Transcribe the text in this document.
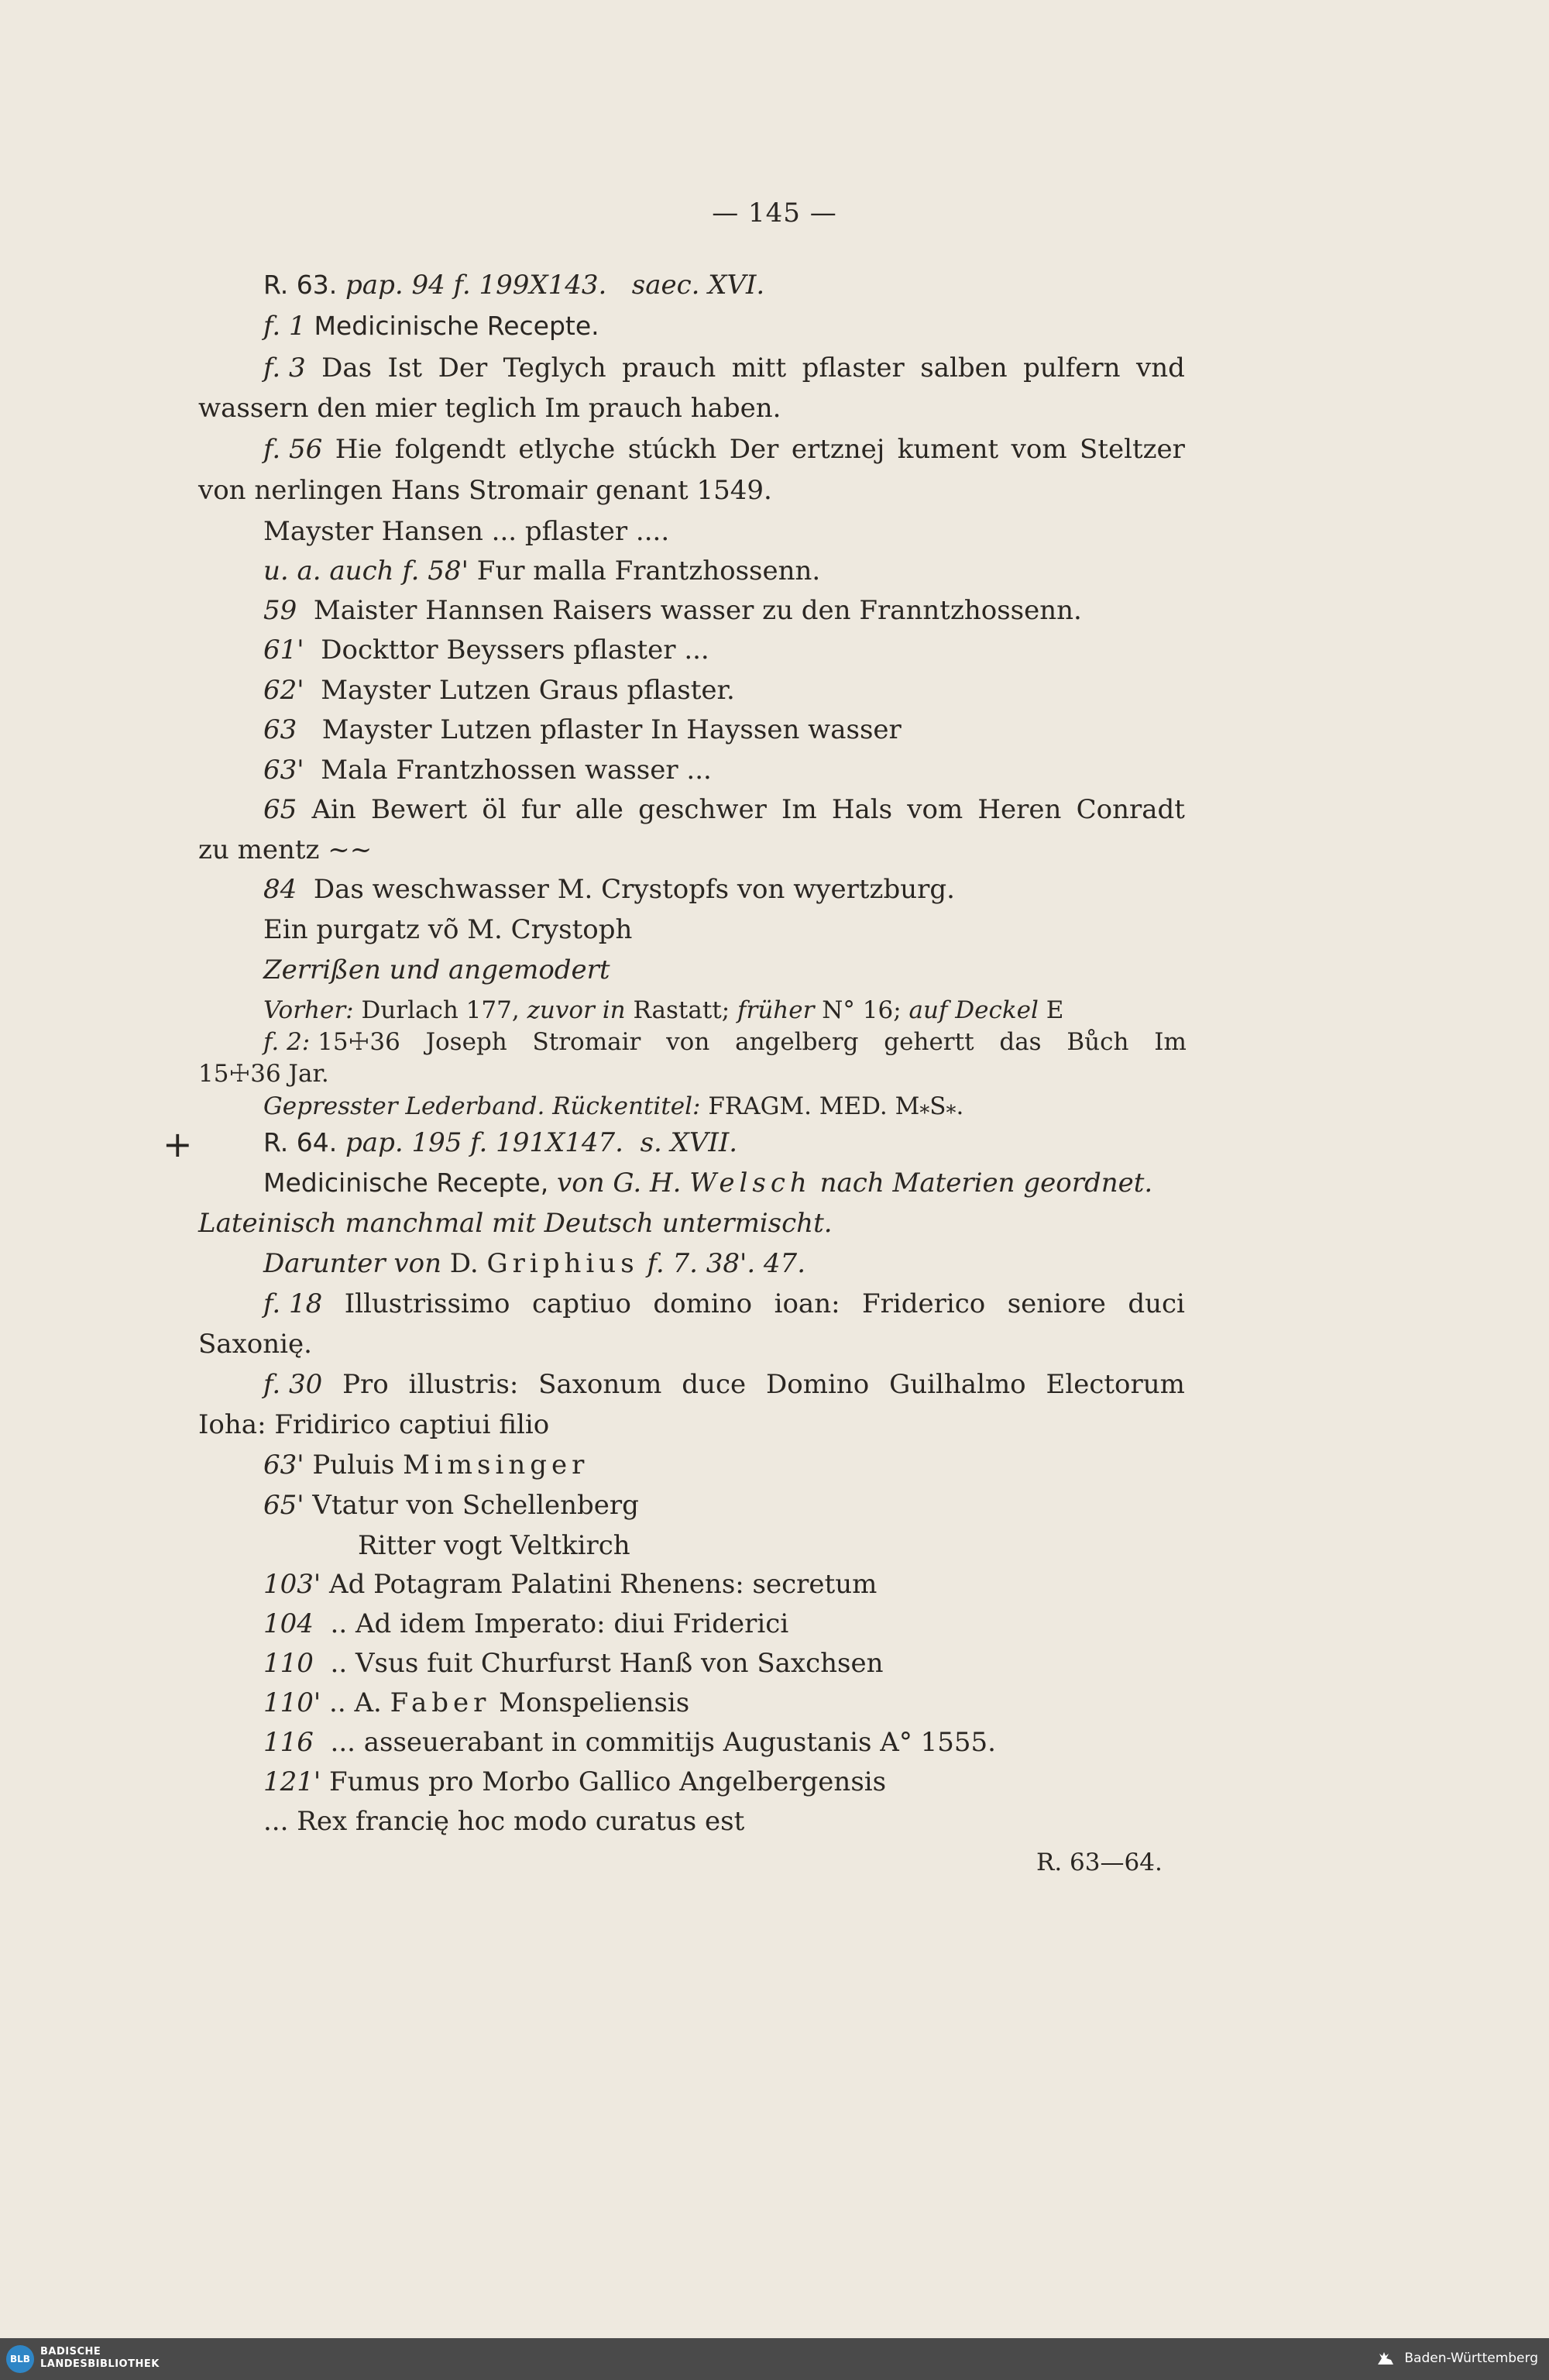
— 145 —
R. 63. pap. 94 f. 199X143. saec. XVI.
f. 1 Medicinische Recepte.
f. 3 Das Ist Der Teglych prauch mitt pflaster salben pulfern vnd
wassern den mier teglich Im prauch haben.
f. 56 Hie folgendt etlyche stúckh Der ertznej kument vom Steltzer
von nerlingen Hans Stromair genant 1549.
Mayster Hansen ... pflaster ....
u. a. auch f. 58' Fur malla Frantzhossenn.
59  Maister Hannsen Raisers wasser zu den Franntzhossenn.
61'  Dockttor Beyssers pflaster ...
62'  Mayster Lutzen Graus pflaster.
63   Mayster Lutzen pflaster In Hayssen wasser
63'  Mala Frantzhossen wasser ...
65 Ain Bewert öl fur alle geschwer Im Hals vom Heren Conradt
zu mentz ~~
84  Das weschwasser M. Crystopfs von wyertzburg.
Ein purgatz võ M. Crystoph
Zerrißen und angemodert
Vorher: Durlach 177, zuvor in Rastatt; früher N° 16; auf Deckel E
f. 2: 15☩36 Joseph Stromair von angelberg gehertt das Bůch Im
15☩36 Jar.
Gepresster Lederband. Rückentitel: FRAGM. MED. $M_*S_*$.
+	R. 64. pap. 195 f. 191X147. s. XVII.
Medicinische Recepte, von G. H. Welsch nach Materien geordnet.
Lateinisch manchmal mit Deutsch untermischt.
Darunter von D. Griphius f. 7. 38'. 47.
f. 18 Illustrissimo captiuo domino ioan: Friderico seniore duci
Saxonię.
f. 30 Pro illustris: Saxonum duce Domino Guilhalmo Electorum
Ioha: Fridirico captiui filio
63' Puluis Mimsinger
65' Vtatur von Schellenberg
Ritter vogt Veltkirch
103' Ad Potagram Palatini Rhenens: secretum
104  .. Ad idem Imperato: diui Friderici
110  .. Vsus fuit Churfurst Hanß von Saxchsen
110' .. A. Faber Monspeliensis
116  ... asseuerabant in commitijs Augustanis A° 1555.
121' Fumus pro Morbo Gallico Angelbergensis
... Rex francię hoc modo curatus est
R. 63—64.
BLB
BADISCHE
LANDESBIBLIOTHEK	Baden-Württemberg
